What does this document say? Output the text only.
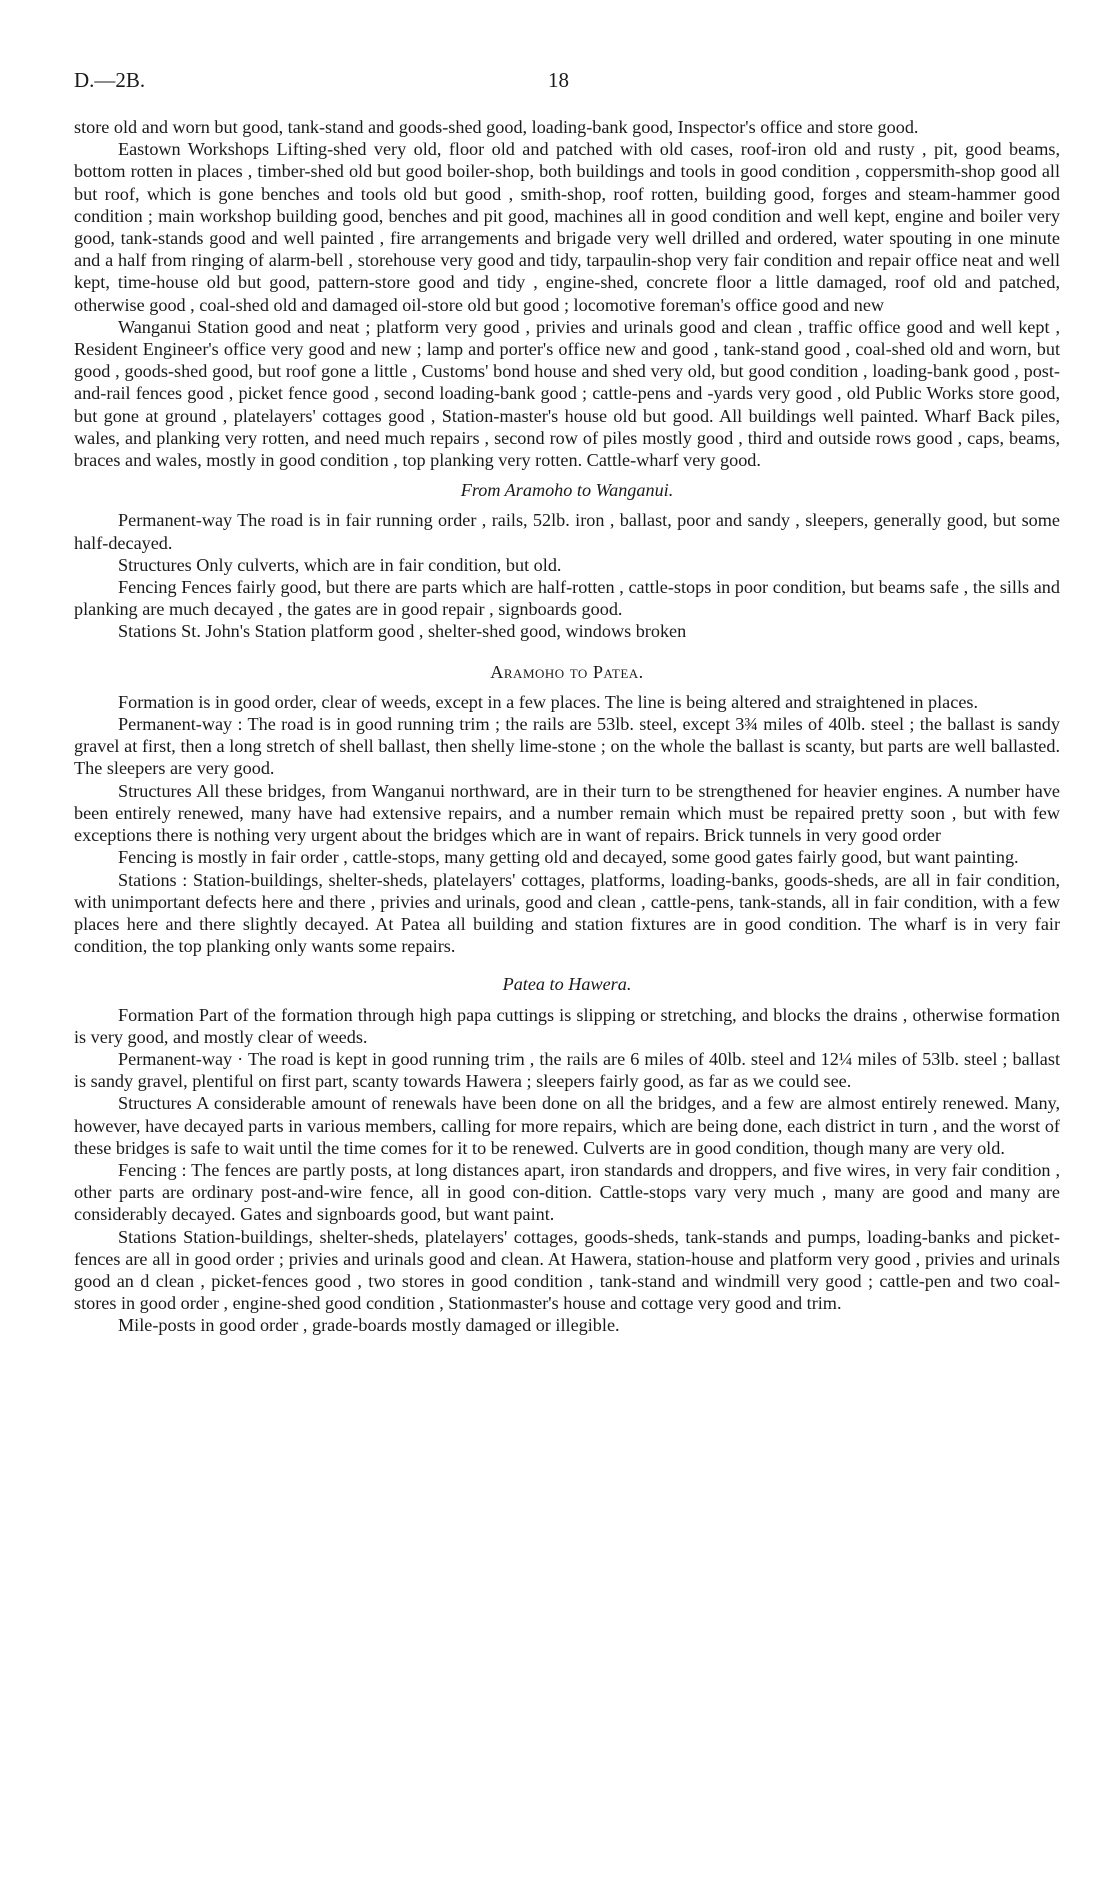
D.—2B.	18

store old and worn but good, tank-stand and goods-shed good, loading-bank good, Inspector's office and store good.

Eastown Workshops Lifting-shed very old, floor old and patched with old cases, roof-iron old and rusty , pit, good beams, bottom rotten in places , timber-shed old but good boiler-shop, both buildings and tools in good condition , coppersmith-shop good all but roof, which is gone benches and tools old but good , smith-shop, roof rotten, building good, forges and steam-hammer good condition ; main workshop building good, benches and pit good, machines all in good condition and well kept, engine and boiler very good, tank-stands good and well painted , fire arrangements and brigade very well drilled and ordered, water spouting in one minute and a half from ringing of alarm-bell , storehouse very good and tidy, tarpaulin-shop very fair condition and repair office neat and well kept, time-house old but good, pattern-store good and tidy , engine-shed, concrete floor a little damaged, roof old and patched, otherwise good , coal-shed old and damaged oil-store old but good ; locomotive foreman's office good and new

Wanganui Station good and neat ; platform very good , privies and urinals good and clean , traffic office good and well kept , Resident Engineer's office very good and new ; lamp and porter's office new and good , tank-stand good , coal-shed old and worn, but good , goods-shed good, but roof gone a little , Customs' bond house and shed very old, but good condition , loading-bank good , post-and-rail fences good , picket fence good , second loading-bank good ; cattle-pens and -yards very good , old Public Works store good, but gone at ground , platelayers' cottages good , Station-master's house old but good. All buildings well painted. Wharf Back piles, wales, and planking very rotten, and need much repairs , second row of piles mostly good , third and outside rows good , caps, beams, braces and wales, mostly in good condition , top planking very rotten. Cattle-wharf very good.

From Aramoho to Wanganui.

Permanent-way The road is in fair running order , rails, 52lb. iron , ballast, poor and sandy , sleepers, generally good, but some half-decayed.

Structures Only culverts, which are in fair condition, but old.

Fencing Fences fairly good, but there are parts which are half-rotten , cattle-stops in poor condition, but beams safe , the sills and planking are much decayed , the gates are in good repair , signboards good.

Stations St. John's Station platform good , shelter-shed good, windows broken

Aramoho to Patea.

Formation is in good order, clear of weeds, except in a few places. The line is being altered and straightened in places.

Permanent-way : The road is in good running trim ; the rails are 53lb. steel, except 3¾ miles of 40lb. steel ; the ballast is sandy gravel at first, then a long stretch of shell ballast, then shelly lime-stone ; on the whole the ballast is scanty, but parts are well ballasted. The sleepers are very good.

Structures All these bridges, from Wanganui northward, are in their turn to be strengthened for heavier engines. A number have been entirely renewed, many have had extensive repairs, and a number remain which must be repaired pretty soon , but with few exceptions there is nothing very urgent about the bridges which are in want of repairs. Brick tunnels in very good order

Fencing is mostly in fair order , cattle-stops, many getting old and decayed, some good gates fairly good, but want painting.

Stations : Station-buildings, shelter-sheds, platelayers' cottages, platforms, loading-banks, goods-sheds, are all in fair condition, with unimportant defects here and there , privies and urinals, good and clean , cattle-pens, tank-stands, all in fair condition, with a few places here and there slightly decayed. At Patea all building and station fixtures are in good condition. The wharf is in very fair condition, the top planking only wants some repairs.

Patea to Hawera.

Formation Part of the formation through high papa cuttings is slipping or stretching, and blocks the drains , otherwise formation is very good, and mostly clear of weeds.

Permanent-way · The road is kept in good running trim , the rails are 6 miles of 40lb. steel and 12¼ miles of 53lb. steel ; ballast is sandy gravel, plentiful on first part, scanty towards Hawera ; sleepers fairly good, as far as we could see.

Structures A considerable amount of renewals have been done on all the bridges, and a few are almost entirely renewed. Many, however, have decayed parts in various members, calling for more repairs, which are being done, each district in turn , and the worst of these bridges is safe to wait until the time comes for it to be renewed. Culverts are in good condition, though many are very old.

Fencing : The fences are partly posts, at long distances apart, iron standards and droppers, and five wires, in very fair condition , other parts are ordinary post-and-wire fence, all in good con-dition. Cattle-stops vary very much , many are good and many are considerably decayed. Gates and signboards good, but want paint.

Stations Station-buildings, shelter-sheds, platelayers' cottages, goods-sheds, tank-stands and pumps, loading-banks and picket-fences are all in good order ; privies and urinals good and clean. At Hawera, station-house and platform very good , privies and urinals good an d clean , picket-fences good , two stores in good condition , tank-stand and windmill very good ; cattle-pen and two coal-stores in good order , engine-shed good condition , Stationmaster's house and cottage very good and trim.

Mile-posts in good order , grade-boards mostly damaged or illegible.
